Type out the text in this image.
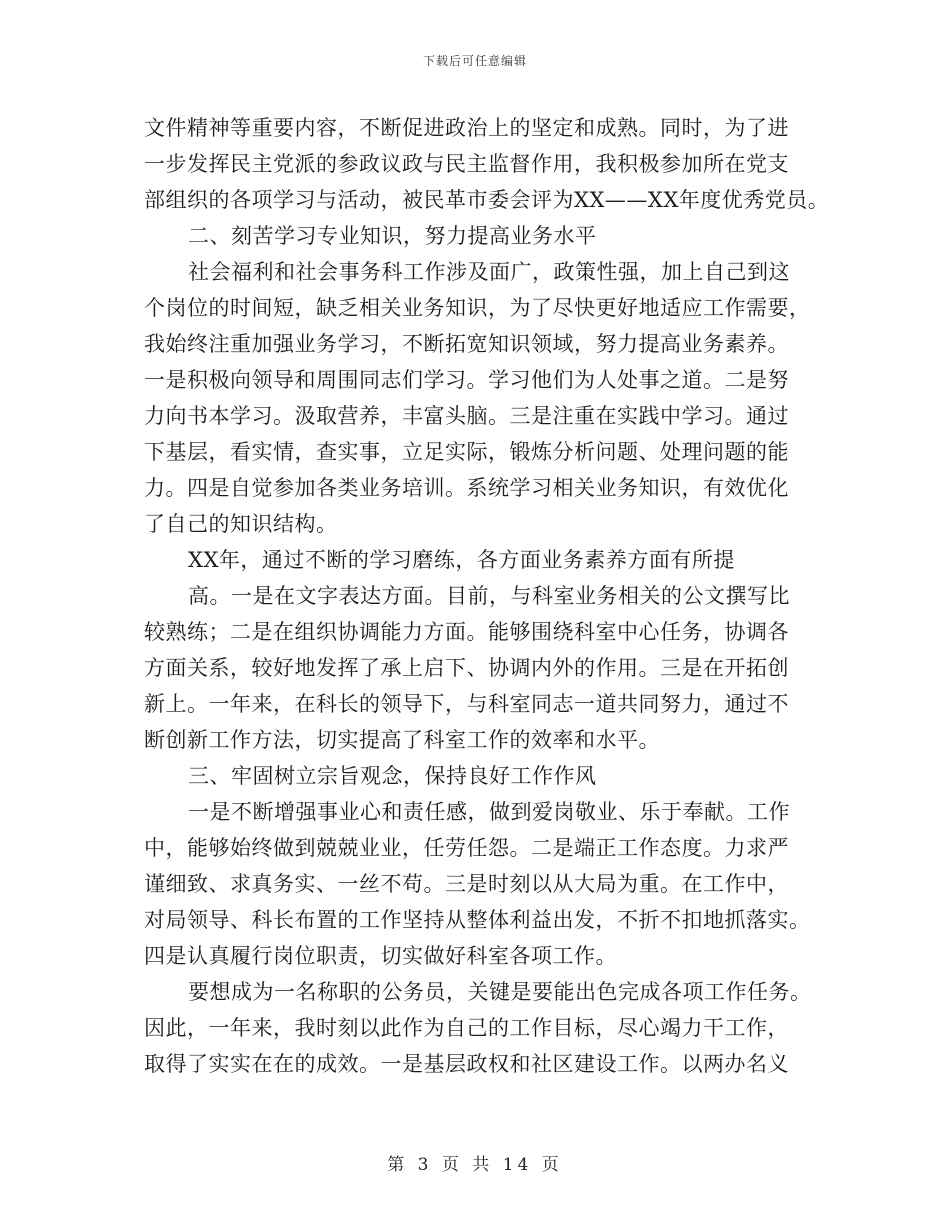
下载后可任意编辑
文件精神等重要内容，不断促进政治上的坚定和成熟。同时，为了进
一步发挥民主党派的参政议政与民主监督作用，我积极参加所在党支
部组织的各项学习与活动，被民革市委会评为XX——XX年度优秀党员。
二、刻苦学习专业知识，努力提高业务水平
社会福利和社会事务科工作涉及面广，政策性强，加上自己到这
个岗位的时间短，缺乏相关业务知识，为了尽快更好地适应工作需要，
我始终注重加强业务学习，不断拓宽知识领域，努力提高业务素养。
一是积极向领导和周围同志们学习。学习他们为人处事之道。二是努
力向书本学习。汲取营养，丰富头脑。三是注重在实践中学习。通过
下基层，看实情，查实事，立足实际，锻炼分析问题、处理问题的能
力。四是自觉参加各类业务培训。系统学习相关业务知识，有效优化
了自己的知识结构。
XX年，通过不断的学习磨练，各方面业务素养方面有所提
高。一是在文字表达方面。目前，与科室业务相关的公文撰写比
较熟练；二是在组织协调能力方面。能够围绕科室中心任务，协调各
方面关系，较好地发挥了承上启下、协调内外的作用。三是在开拓创
新上。一年来，在科长的领导下，与科室同志一道共同努力，通过不
断创新工作方法，切实提高了科室工作的效率和水平。
三、牢固树立宗旨观念，保持良好工作作风
一是不断增强事业心和责任感，做到爱岗敬业、乐于奉献。工作
中，能够始终做到兢兢业业，任劳任怨。二是端正工作态度。力求严
谨细致、求真务实、一丝不苟。三是时刻以从大局为重。在工作中，
对局领导、科长布置的工作坚持从整体利益出发，不折不扣地抓落实。
四是认真履行岗位职责，切实做好科室各项工作。
要想成为一名称职的公务员，关键是要能出色完成各项工作任务。
因此，一年来，我时刻以此作为自己的工作目标，尽心竭力干工作，
取得了实实在在的成效。一是基层政权和社区建设工作。以两办名义
第 3 页 共 14 页
